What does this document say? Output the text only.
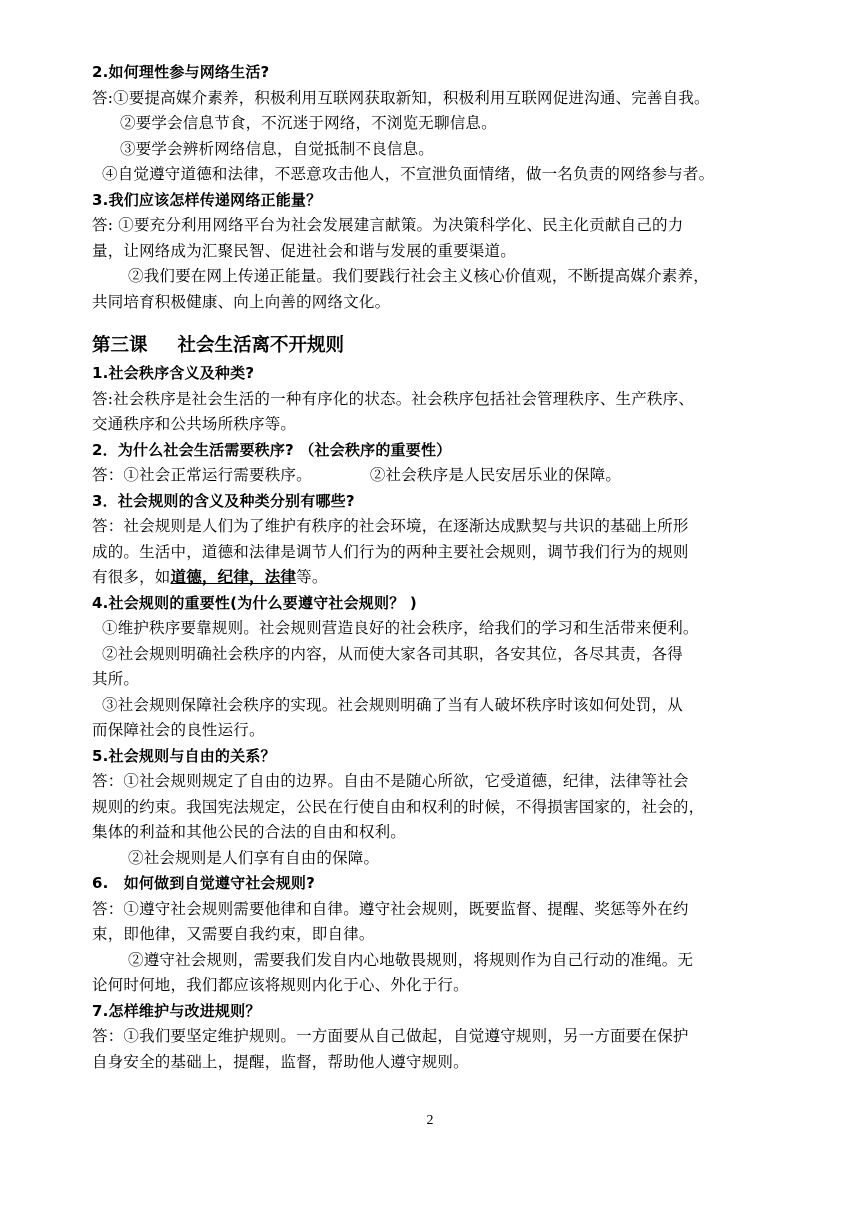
2.如何理性参与网络生活?

答:①要提高媒介素养，积极利用互联网获取新知，积极利用互联网促进沟通、完善自我。

②要学会信息节食，不沉迷于网络，不浏览无聊信息。

③要学会辨析网络信息，自觉抵制不良信息。

④自觉遵守道德和法律，不恶意攻击他人，不宣泄负面情绪，做一名负责的网络参与者。

3.我们应该怎样传递网络正能量？

答: ①要充分利用网络平台为社会发展建言献策。为决策科学化、民主化贡献自己的力

量，让网络成为汇聚民智、促进社会和谐与发展的重要渠道。

②我们要在网上传递正能量。我们要践行社会主义核心价值观，不断提高媒介素养，

共同培育积极健康、向上向善的网络文化。

第三课 社会生活离不开规则

1.社会秩序含义及种类?

答:社会秩序是社会生活的一种有序化的状态。社会秩序包括社会管理秩序、生产秩序、

交通秩序和公共场所秩序等。

2．为什么社会生活需要秩序? （社会秩序的重要性）

答：①社会正常运行需要秩序。	②社会秩序是人民安居乐业的保障。

3．社会规则的含义及种类分别有哪些?

答：社会规则是人们为了维护有秩序的社会环境，在逐渐达成默契与共识的基础上所形

成的。生活中，道德和法律是调节人们行为的两种主要社会规则，调节我们行为的规则

有很多，如道德，纪律，法律等。

4.社会规则的重要性(为什么要遵守社会规则？ )

①维护秩序要靠规则。社会规则营造良好的社会秩序，给我们的学习和生活带来便利。

②社会规则明确社会秩序的内容，从而使大家各司其职，各安其位，各尽其责，各得

其所。

③社会规则保障社会秩序的实现。社会规则明确了当有人破坏秩序时该如何处罚，从

而保障社会的良性运行。

5.社会规则与自由的关系？

答：①社会规则规定了自由的边界。自由不是随心所欲，它受道德，纪律，法律等社会

规则的约束。我国宪法规定，公民在行使自由和权利的时候，不得损害国家的，社会的，

集体的利益和其他公民的合法的自由和权利。

②社会规则是人们享有自由的保障。

6.　如何做到自觉遵守社会规则?

答：①遵守社会规则需要他律和自律。遵守社会规则，既要监督、提醒、奖惩等外在约

束，即他律，又需要自我约束，即自律。

②遵守社会规则，需要我们发自内心地敬畏规则，将规则作为自己行动的准绳。无

论何时何地，我们都应该将规则内化于心、外化于行。

7.怎样维护与改进规则？

答：①我们要坚定维护规则。一方面要从自己做起，自觉遵守规则，另一方面要在保护

自身安全的基础上，提醒，监督，帮助他人遵守规则。

2
